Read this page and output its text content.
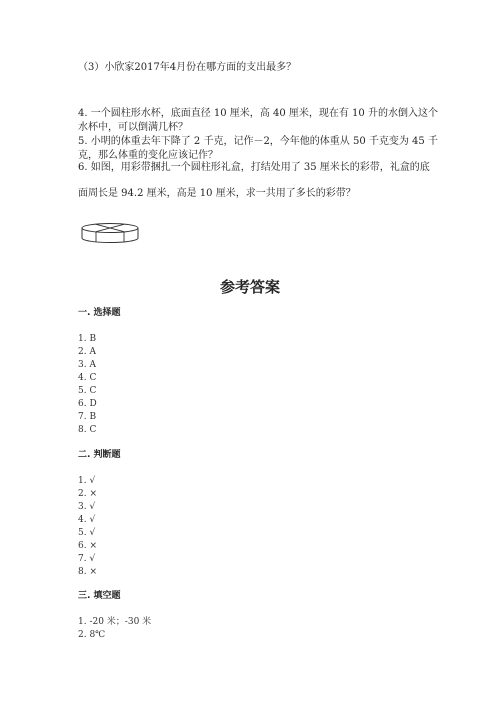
（3）小欣家2017年4月份在哪方面的支出最多？
4. 一个圆柱形水杯，底面直径 10 厘米，高 40 厘米，现在有 10 升的水倒入这个
水杯中，可以倒满几杯？
5. 小明的体重去年下降了 2 千克，记作－2，今年他的体重从 50 千克变为 45 千
克，那么体重的变化应该记作？
6. 如图，用彩带捆扎一个圆柱形礼盒，打结处用了 35 厘米长的彩带，礼盒的底
面周长是 94.2 厘米，高是 10 厘米，求一共用了多长的彩带？
参考答案
一. 选择题
1. B
2. A
3. A
4. C
5. C
6. D
7. B
8. C
二. 判断题
1. √
2. ×
3. √
4. √
5. √
6. ×
7. √
8. ×
三. 填空题
1. -20 米；-30 米
2. 8℃
